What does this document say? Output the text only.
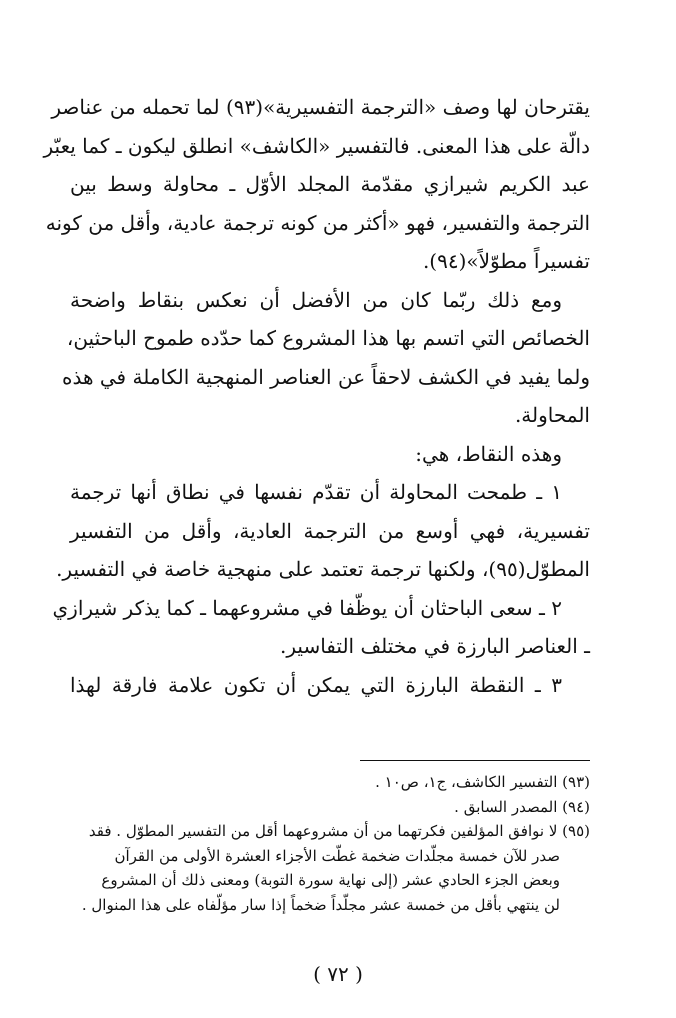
يقترحان لها وصف «الترجمة التفسيرية»(٩٣) لما تحمله من عناصر
دالّة على هذا المعنى. فالتفسير «الكاشف» انطلق ليكون ـ كما يعبّر
عبد الكريم شيرازي مقدّمة المجلد الأوّل ـ محاولة وسط بين
الترجمة والتفسير، فهو «أكثر من كونه ترجمة عادية، وأقل من كونه
تفسيراً مطوّلاً»(٩٤).

ومع ذلك ربّما كان من الأفضل أن نعكس بنقاط واضحة
الخصائص التي اتسم بها هذا المشروع كما حدّده طموح الباحثين،
ولما يفيد في الكشف لاحقاً عن العناصر المنهجية الكاملة في هذه
المحاولة.

وهذه النقاط، هي:

١ ـ طمحت المحاولة أن تقدّم نفسها في نطاق أنها ترجمة
تفسيرية، فهي أوسع من الترجمة العادية، وأقل من التفسير
المطوّل(٩٥)، ولكنها ترجمة تعتمد على منهجية خاصة في التفسير.

٢ ـ سعى الباحثان أن يوظّفا في مشروعهما ـ كما يذكر شيرازي
ـ العناصر البارزة في مختلف التفاسير.

٣ ـ النقطة البارزة التي يمكن أن تكون علامة فارقة لهذا

(٩٣) التفسير الكاشف، ج١، ص١٠ .

(٩٤) المصدر السابق .

(٩٥) لا نوافق المؤلفين فكرتهما من أن مشروعهما أقل من التفسير المطوّل . فقد
صدر للآن خمسة مجلّدات ضخمة غطّت الأجزاء العشرة الأولى من القرآن
وبعض الجزء الحادي عشر (إلى نهاية سورة التوبة) ومعنى ذلك أن المشروع
لن ينتهي بأقل من خمسة عشر مجلّداً ضخماً إذا سار مؤلّفاه على هذا المنوال .

( ٧٢ )
